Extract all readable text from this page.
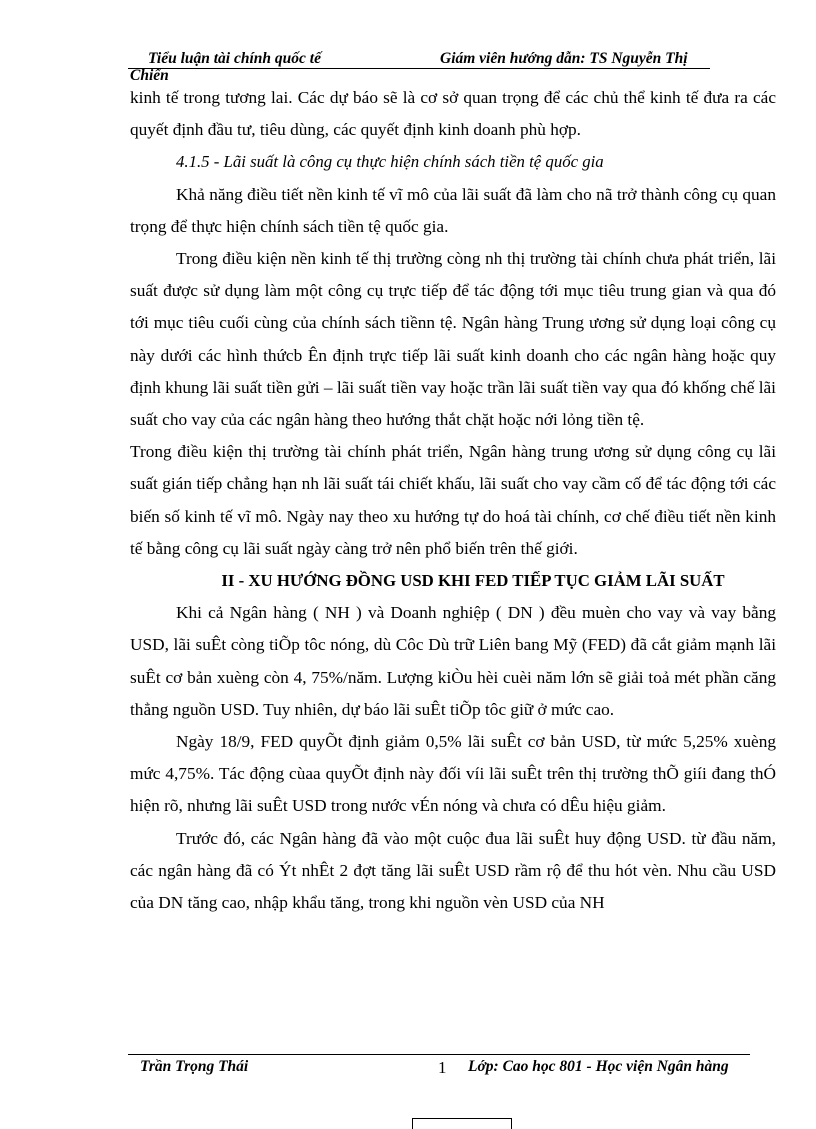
Tiểu luận tài chính quốc tế	Giám viên hướng dẫn: TS Nguyễn Thị
Chiến

kinh tế trong tương lai. Các dự báo sẽ là cơ sở quan trọng để các chủ thể kinh tế đưa ra các quyết định đầu tư, tiêu dùng, các quyết định kinh doanh phù hợp.

4.1.5 - Lãi suất là công cụ thực hiện chính sách tiền tệ quốc gia

Khả năng điều tiết nền kinh tế vĩ mô của lãi suất đã làm cho nã trở thành công cụ quan trọng để thực hiện chính sách tiền tệ quốc gia.

Trong điều kiện nền kinh tế thị trường còng nh thị trường tài chính chưa phát triển, lãi suất được sử dụng làm một công cụ trực tiếp để tác động tới mục tiêu trung gian và qua đó tới mục tiêu cuối cùng của chính sách tiềnn tệ. Ngân hàng Trung ương sử dụng loại công cụ này dưới các hình thứcb Ên định trực tiếp lãi suất kinh doanh cho các ngân hàng hoặc quy định khung lãi suất tiền gửi – lãi suất tiền vay hoặc trần lãi suất tiền vay qua đó khống chế lãi suất cho vay của các ngân hàng theo hướng thắt chặt hoặc nới lỏng tiền tệ.

Trong điều kiện thị trường tài chính phát triển, Ngân hàng trung ương sử dụng công cụ lãi suất gián tiếp chẳng hạn nh lãi suất tái chiết khấu, lãi suất cho vay cầm cố để tác động tới các biến số kinh tế vĩ mô. Ngày nay theo xu hướng tự do hoá tài chính, cơ chế điều tiết nền kinh tế bằng công cụ lãi suất ngày càng trở nên phổ biến trên thế giới.

II - XU HƯỚNG ĐỒNG USD KHI FED TIẾP TỤC GIẢM LÃI SUẤT

Khi cả Ngân hàng ( NH ) và Doanh nghiệp ( DN ) đều muèn cho vay và vay bằng USD, lãi suÊt còng tiÕp tôc nóng, dù Côc Dù trữ Liên bang Mỹ (FED) đã cắt giảm mạnh lãi suÊt cơ bản xuèng còn 4, 75%/năm. Lượng kiÒu hèi cuèi năm lớn sẽ giải toả mét phần căng thẳng nguồn USD. Tuy nhiên, dự báo lãi suÊt tiÕp tôc giữ ở mức cao.

Ngày 18/9, FED quyÕt định giảm 0,5% lãi suÊt cơ bản USD, từ mức 5,25% xuèng mức 4,75%. Tác động cùaa quyÕt định này đối víi lãi suÊt trên thị trường thÕ giíi đang thÓ hiện rõ, nhưng lãi suÊt USD trong nước vÉn nóng và chưa có dÊu hiệu giảm.

Trước đó, các Ngân hàng đã vào một cuộc đua lãi suÊt huy động USD. từ đầu năm, các ngân hàng đã có Ýt nhÊt 2 đợt tăng lãi suÊt USD rầm rộ để thu hót vèn. Nhu cầu USD của DN tăng cao, nhập khẩu tăng, trong khi nguồn vèn USD của NH

Trần Trọng Thái	1 Lớp: Cao học 801 - Học viện Ngân hàng
